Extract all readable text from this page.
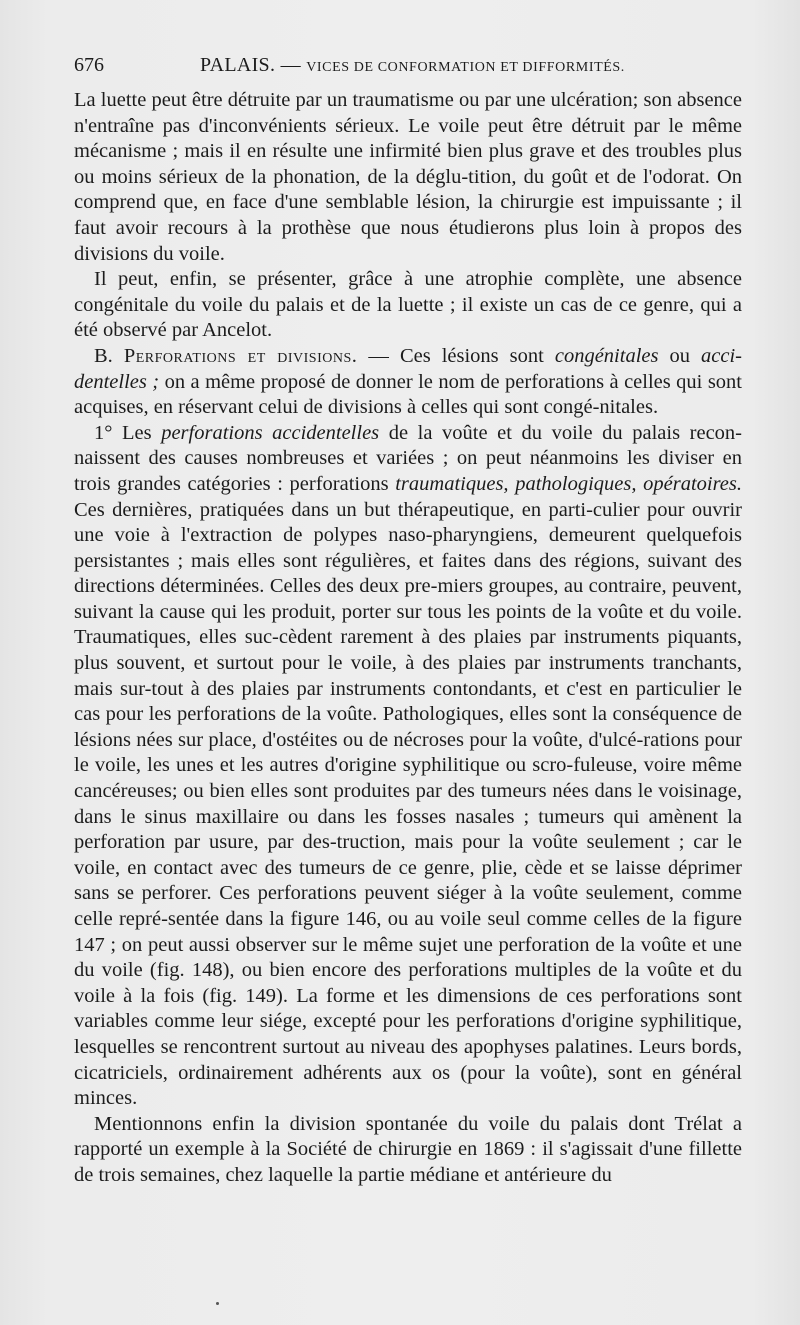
676	PALAIS. — VICES DE CONFORMATION ET DIFFORMITÉS.

La luette peut être détruite par un traumatisme ou par une ulcération; son absence n'entraîne pas d'inconvénients sérieux. Le voile peut être détruit par le même mécanisme ; mais il en résulte une infirmité bien plus grave et des troubles plus ou moins sérieux de la phonation, de la déglu-tition, du goût et de l'odorat. On comprend que, en face d'une semblable lésion, la chirurgie est impuissante ; il faut avoir recours à la prothèse que nous étudierons plus loin à propos des divisions du voile.

Il peut, enfin, se présenter, grâce à une atrophie complète, une absence congénitale du voile du palais et de la luette ; il existe un cas de ce genre, qui a été observé par Ancelot.

B. Perforations et divisions. — Ces lésions sont congénitales ou acci-dentelles ; on a même proposé de donner le nom de perforations à celles qui sont acquises, en réservant celui de divisions à celles qui sont congé-nitales.

1° Les perforations accidentelles de la voûte et du voile du palais recon-naissent des causes nombreuses et variées ; on peut néanmoins les diviser en trois grandes catégories : perforations traumatiques, pathologiques, opératoires. Ces dernières, pratiquées dans un but thérapeutique, en parti-culier pour ouvrir une voie à l'extraction de polypes naso-pharyngiens, demeurent quelquefois persistantes ; mais elles sont régulières, et faites dans des régions, suivant des directions déterminées. Celles des deux pre-miers groupes, au contraire, peuvent, suivant la cause qui les produit, porter sur tous les points de la voûte et du voile. Traumatiques, elles suc-cèdent rarement à des plaies par instruments piquants, plus souvent, et surtout pour le voile, à des plaies par instruments tranchants, mais sur-tout à des plaies par instruments contondants, et c'est en particulier le cas pour les perforations de la voûte. Pathologiques, elles sont la conséquence de lésions nées sur place, d'ostéites ou de nécroses pour la voûte, d'ulcé-rations pour le voile, les unes et les autres d'origine syphilitique ou scro-fuleuse, voire même cancéreuses; ou bien elles sont produites par des tumeurs nées dans le voisinage, dans le sinus maxillaire ou dans les fosses nasales ; tumeurs qui amènent la perforation par usure, par des-truction, mais pour la voûte seulement ; car le voile, en contact avec des tumeurs de ce genre, plie, cède et se laisse déprimer sans se perforer. Ces perforations peuvent siéger à la voûte seulement, comme celle repré-sentée dans la figure 146, ou au voile seul comme celles de la figure 147 ; on peut aussi observer sur le même sujet une perforation de la voûte et une du voile (fig. 148), ou bien encore des perforations multiples de la voûte et du voile à la fois (fig. 149). La forme et les dimensions de ces perforations sont variables comme leur siége, excepté pour les perforations d'origine syphilitique, lesquelles se rencontrent surtout au niveau des apophyses palatines. Leurs bords, cicatriciels, ordinairement adhérents aux os (pour la voûte), sont en général minces.

Mentionnons enfin la division spontanée du voile du palais dont Trélat a rapporté un exemple à la Société de chirurgie en 1869 : il s'agissait d'une fillette de trois semaines, chez laquelle la partie médiane et antérieure du
